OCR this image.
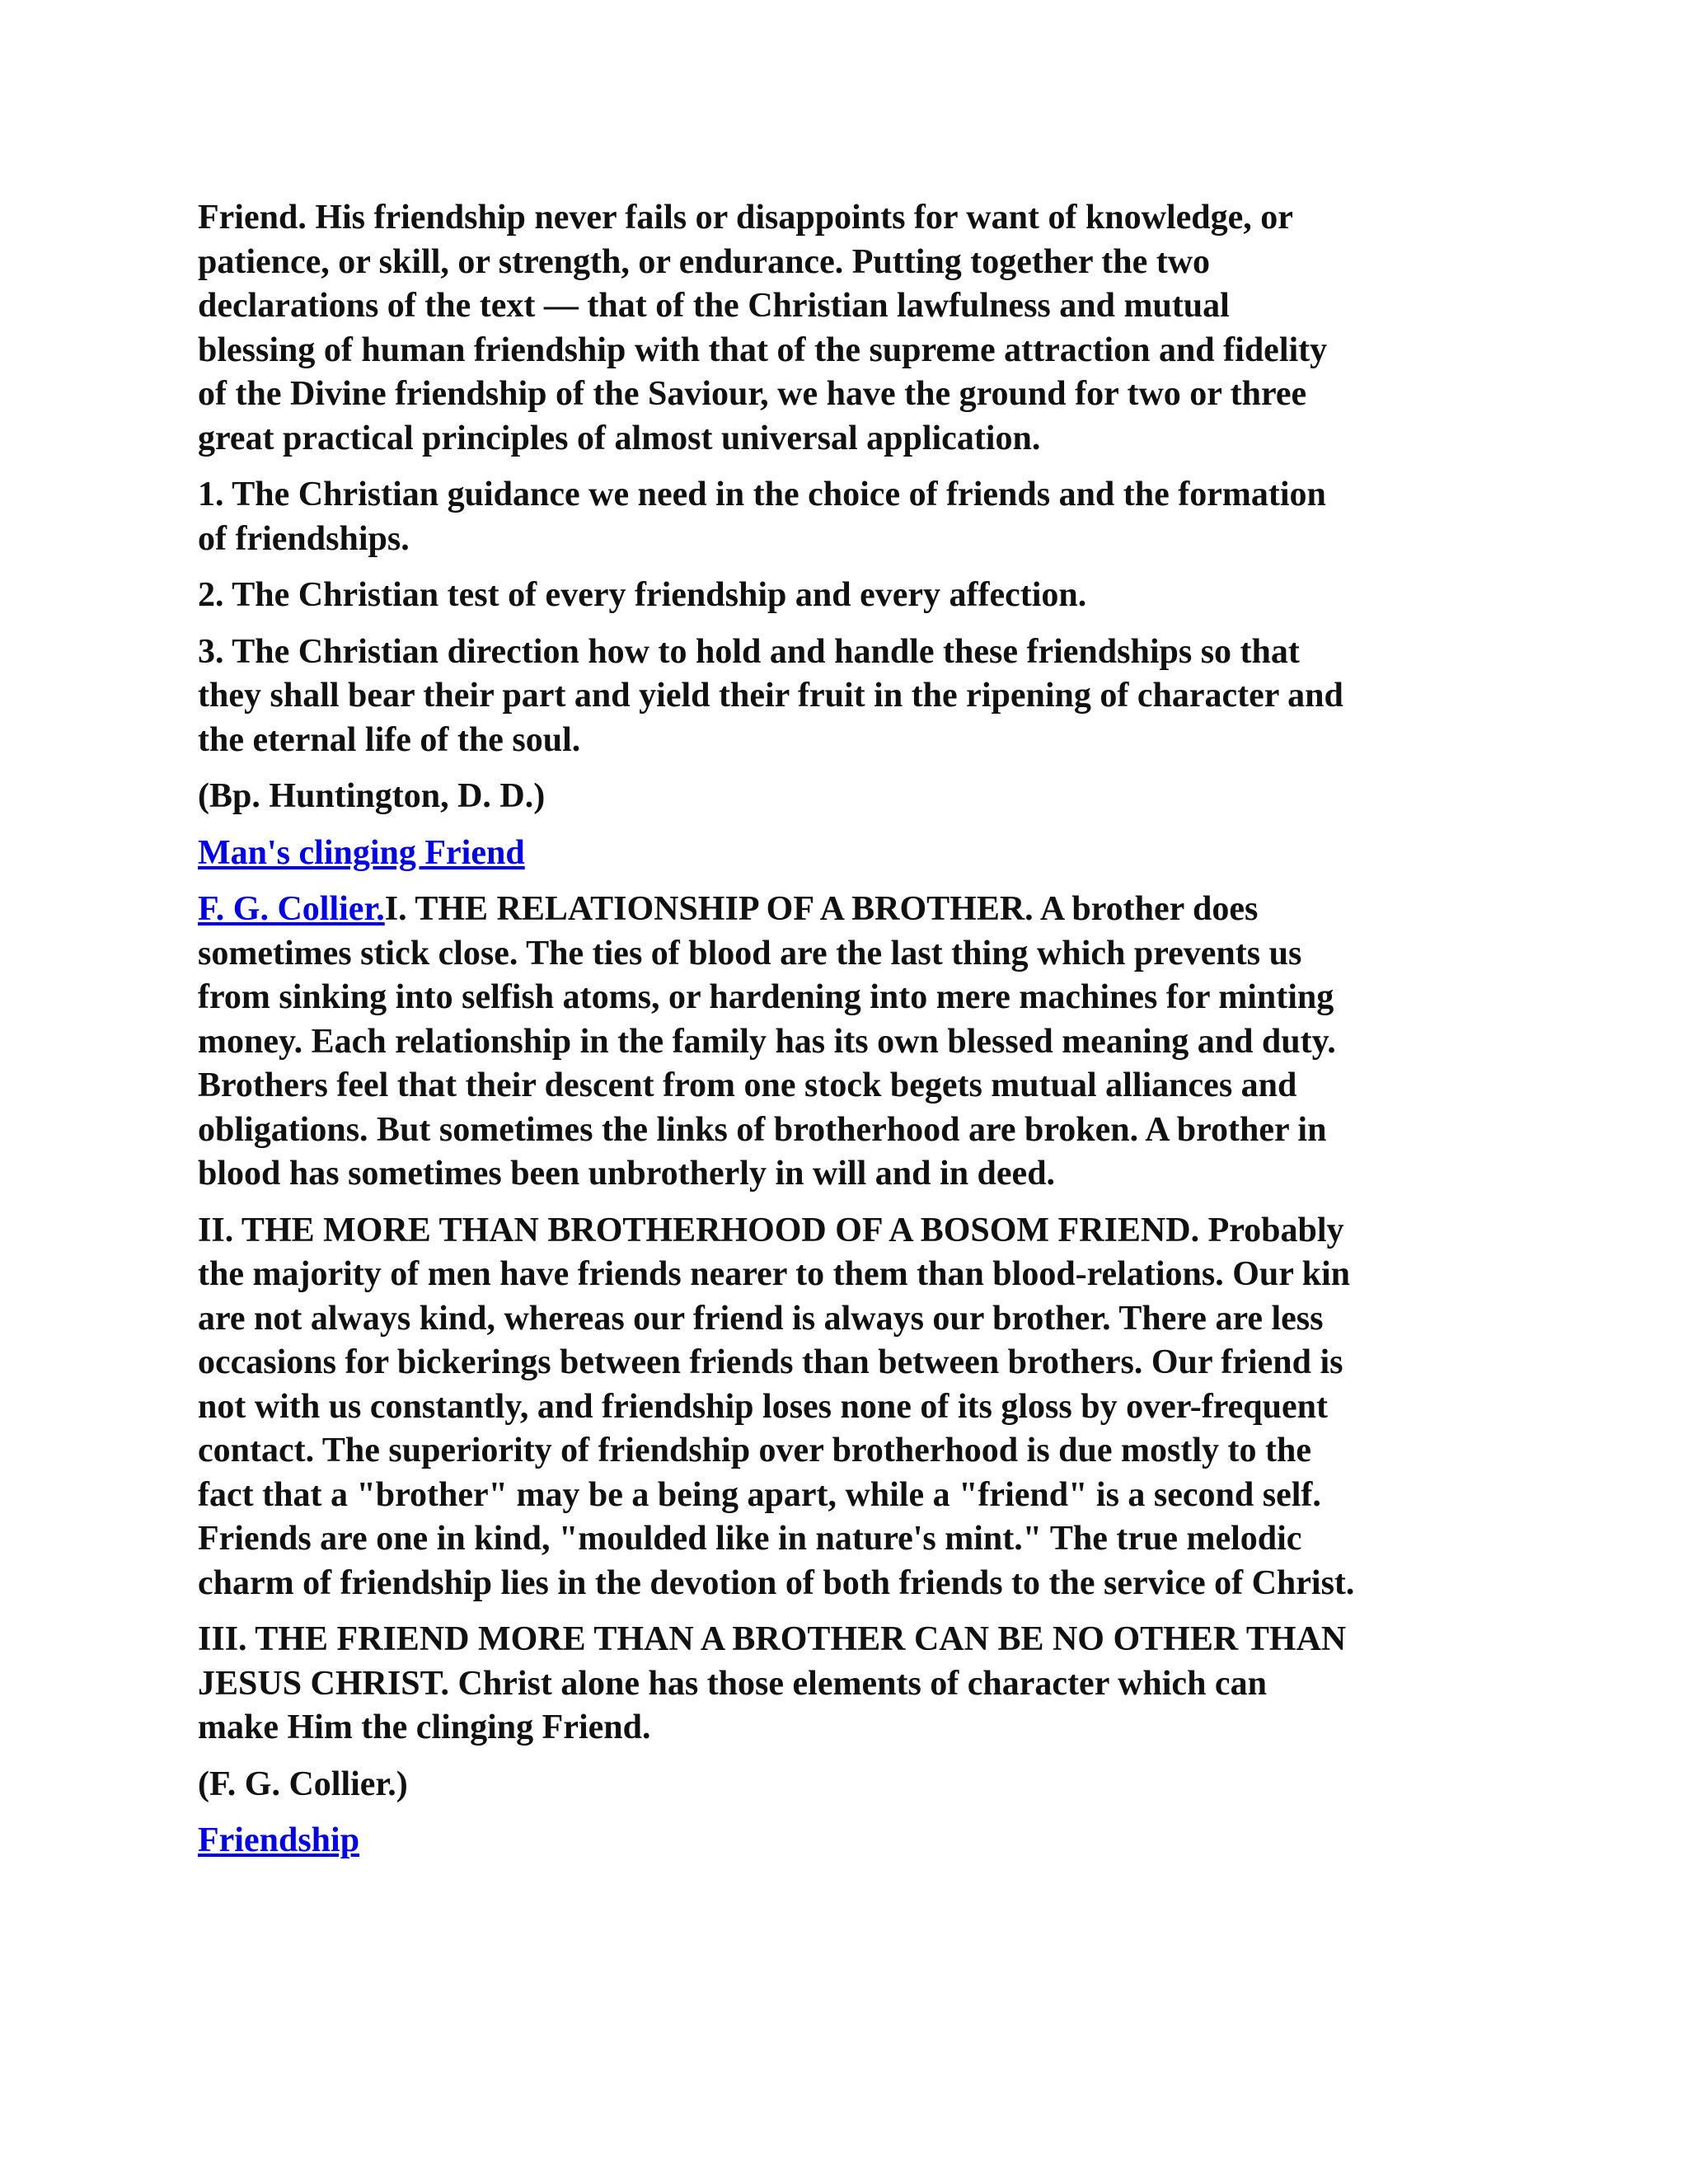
Friend. His friendship never fails or disappoints for want of knowledge, or
patience, or skill, or strength, or endurance. Putting together the two
declarations of the text — that of the Christian lawfulness and mutual
blessing of human friendship with that of the supreme attraction and fidelity
of the Divine friendship of the Saviour, we have the ground for two or three
great practical principles of almost universal application.

1. The Christian guidance we need in the choice of friends and the formation
of friendships.

2. The Christian test of every friendship and every affection.

3. The Christian direction how to hold and handle these friendships so that
they shall bear their part and yield their fruit in the ripening of character and
the eternal life of the soul.

(Bp. Huntington, D. D.)

Man's clinging Friend

F. G. Collier.I. THE RELATIONSHIP OF A BROTHER. A brother does
sometimes stick close. The ties of blood are the last thing which prevents us
from sinking into selfish atoms, or hardening into mere machines for minting
money. Each relationship in the family has its own blessed meaning and duty.
Brothers feel that their descent from one stock begets mutual alliances and
obligations. But sometimes the links of brotherhood are broken. A brother in
blood has sometimes been unbrotherly in will and in deed.

II. THE MORE THAN BROTHERHOOD OF A BOSOM FRIEND. Probably
the majority of men have friends nearer to them than blood-relations. Our kin
are not always kind, whereas our friend is always our brother. There are less
occasions for bickerings between friends than between brothers. Our friend is
not with us constantly, and friendship loses none of its gloss by over-frequent
contact. The superiority of friendship over brotherhood is due mostly to the
fact that a "brother" may be a being apart, while a "friend" is a second self.
Friends are one in kind, "moulded like in nature's mint." The true melodic
charm of friendship lies in the devotion of both friends to the service of Christ.

III. THE FRIEND MORE THAN A BROTHER CAN BE NO OTHER THAN
JESUS CHRIST. Christ alone has those elements of character which can
make Him the clinging Friend.

(F. G. Collier.)

Friendship
